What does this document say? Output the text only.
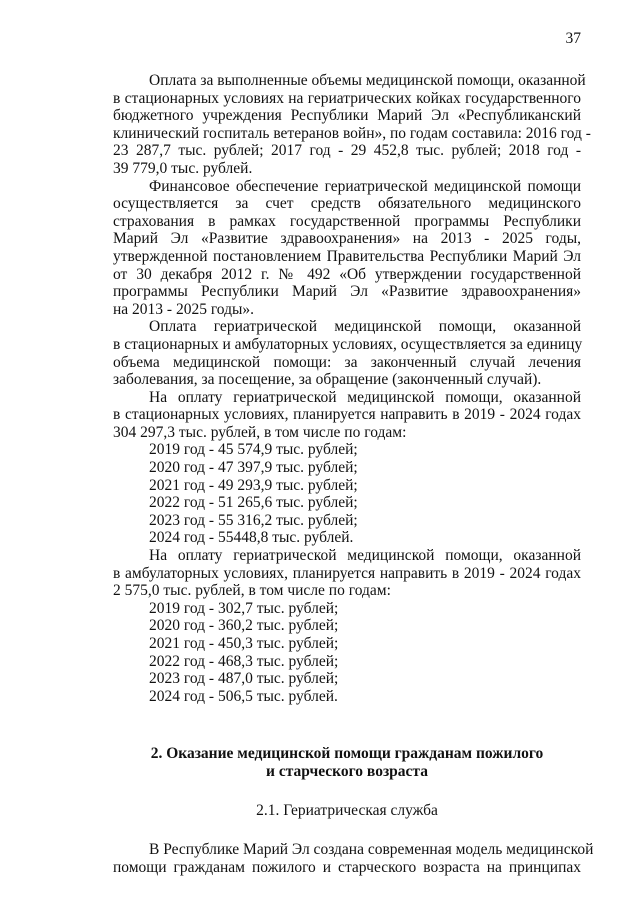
37
Оплата за выполненные объемы медицинской помощи, оказанной
в стационарных условиях на гериатрических койках государственного
бюджетного учреждения Республики Марий Эл «Республиканский
клинический госпиталь ветеранов войн», по годам составила: 2016 год -
23 287,7 тыс. рублей; 2017 год - 29 452,8 тыс. рублей; 2018 год -
39 779,0 тыс. рублей.
Финансовое обеспечение гериатрической медицинской помощи
осуществляется за счет средств обязательного медицинского
страхования в рамках государственной программы Республики
Марий Эл «Развитие здравоохранения» на 2013 - 2025 годы,
утвержденной постановлением Правительства Республики Марий Эл
от 30 декабря 2012 г. № 492 «Об утверждении государственной
программы Республики Марий Эл «Развитие здравоохранения»
на 2013 - 2025 годы».
Оплата гериатрической медицинской помощи, оказанной
в стационарных и амбулаторных условиях, осуществляется за единицу
объема медицинской помощи: за законченный случай лечения
заболевания, за посещение, за обращение (законченный случай).
На оплату гериатрической медицинской помощи, оказанной
в стационарных условиях, планируется направить в 2019 - 2024 годах
304 297,3 тыс. рублей, в том числе по годам:
2019 год - 45 574,9 тыс. рублей;
2020 год - 47 397,9 тыс. рублей;
2021 год - 49 293,9 тыс. рублей;
2022 год - 51 265,6 тыс. рублей;
2023 год - 55 316,2 тыс. рублей;
2024 год - 55448,8 тыс. рублей.
На оплату гериатрической медицинской помощи, оказанной
в амбулаторных условиях, планируется направить в 2019 - 2024 годах
2 575,0 тыс. рублей, в том числе по годам:
2019 год - 302,7 тыс. рублей;
2020 год - 360,2 тыс. рублей;
2021 год - 450,3 тыс. рублей;
2022 год - 468,3 тыс. рублей;
2023 год - 487,0 тыс. рублей;
2024 год - 506,5 тыс. рублей.
2. Оказание медицинской помощи гражданам пожилого
и старческого возраста
2.1. Гериатрическая служба
В Республике Марий Эл создана современная модель медицинской
помощи гражданам пожилого и старческого возраста на принципах
